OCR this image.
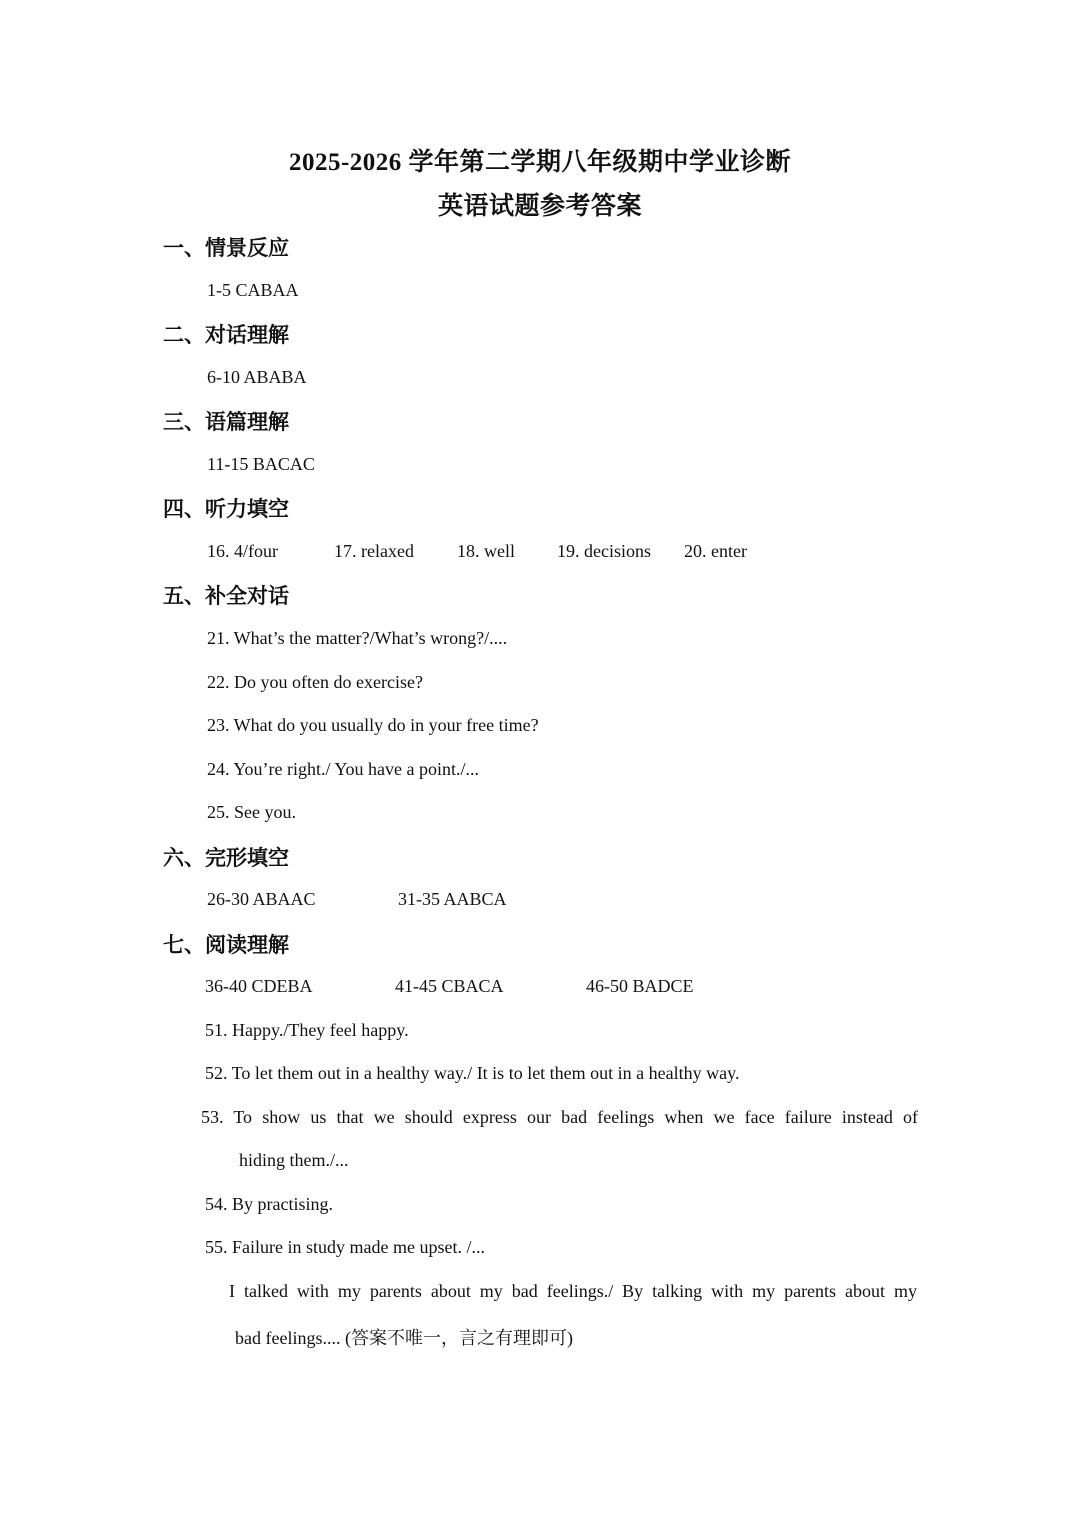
2025-2026 学年第二学期八年级期中学业诊断
英语试题参考答案
一、情景反应
1-5 CABAA
二、对话理解
6-10 ABABA
三、语篇理解
11-15 BACAC
四、听力填空
16. 4/four	17. relaxed 18. well 19. decisions 20. enter
五、补全对话
21. What’s the matter?/What’s wrong?/....
22. Do you often do exercise?
23. What do you usually do in your free time?
24. You’re right./ You have a point./...
25. See you.
六、完形填空
26-30 ABAAC	31-35 AABCA
七、阅读理解
36-40 CDEBA	41-45 CBACA	46-50 BADCE
51. Happy./They feel happy.
52. To let them out in a healthy way./ It is to let them out in a healthy way.
53. To show us that we should express our bad feelings when we face failure instead of
hiding them./...
54. By practising.
55. Failure in study made me upset. /...
I talked with my parents about my bad feelings./ By talking with my parents about my
bad feelings.... (答案不唯一，言之有理即可)
